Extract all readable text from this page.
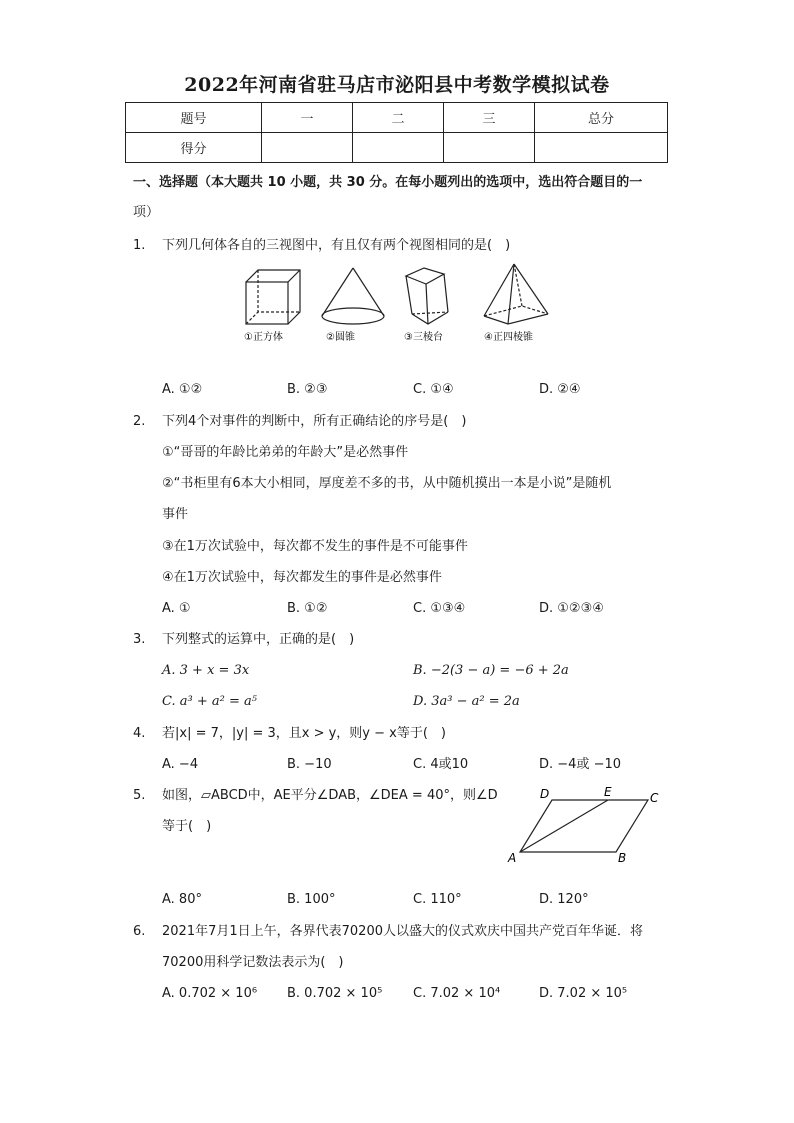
2022年河南省驻马店市泌阳县中考数学模拟试卷
题号	一	二	三	总分
得分				
一、选择题（本大题共 10 小题，共 30 分。在每小题列出的选项中，选出符合题目的一
项）
1. 下列几何体各自的三视图中，有且仅有两个视图相同的是(　)
①正方体	②圆锥	③三棱台	④正四棱锥
A. ①②	B. ②③	C. ①④	D. ②④
2. 下列4个对事件的判断中，所有正确结论的序号是(　)
①“哥哥的年龄比弟弟的年龄大”是必然事件
②“书柜里有6本大小相同，厚度差不多的书，从中随机摸出一本是小说”是随机
事件
③在1万次试验中，每次都不发生的事件是不可能事件
④在1万次试验中，每次都发生的事件是必然事件
A. ①	B. ①②	C. ①③④	D. ①②③④
3. 下列整式的运算中，正确的是(　)
A. 3 + x = 3x	B. −2(3 − a) = −6 + 2a
C. a³ + a² = a⁵	D. 3a³ − a² = 2a
4. 若|x| = 7，|y| = 3，且x > y，则y − x等于(　)
A. −4	B. −10	C. 4或10	D. −4或 −10
5. 如图，▱ABCD中，AE平分∠DAB，∠DEA = 40°，则∠D
等于(　)
D	E	C
A	B
A. 80°	B. 100°	C. 110°	D. 120°
6. 2021年7月1日上午，各界代表70200人以盛大的仪式欢庆中国共产党百年华诞．将
70200用科学记数法表示为(　)
A. 0.702 × 10⁶ B. 0.702 × 10⁵ C. 7.02 × 10⁴	D. 7.02 × 10⁵
